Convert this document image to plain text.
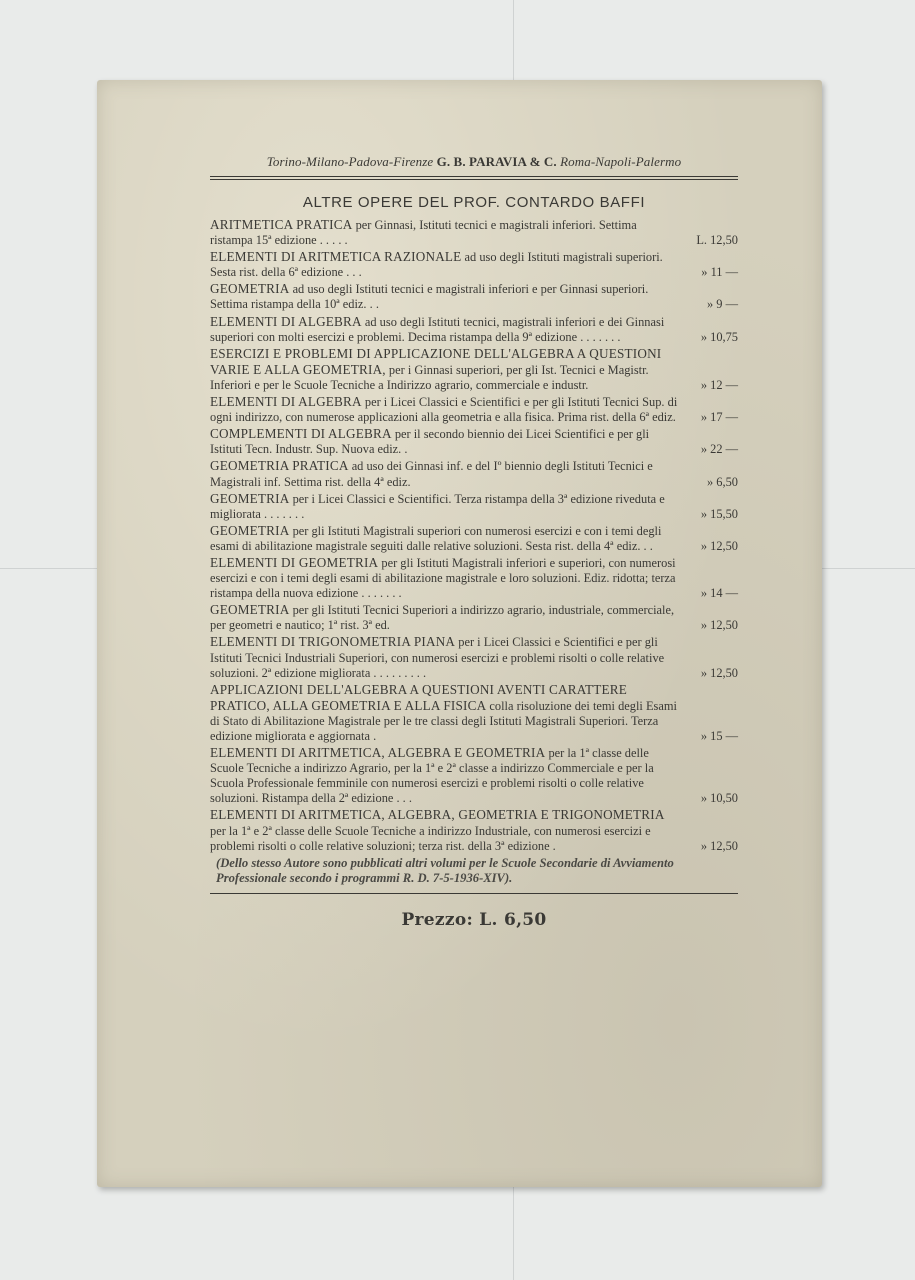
Torino-Milano-Padova-Firenze G. B. PARAVIA & C. Roma-Napoli-Palermo
ALTRE OPERE DEL PROF. CONTARDO BAFFI
ARITMETICA PRATICA per Ginnasi, Istituti tecnici e magistrali inferiori. Settima ristampa 15ª edizione . . . . .	L. 12,50
ELEMENTI DI ARITMETICA RAZIONALE ad uso degli Istituti magistrali superiori. Sesta rist. della 6ª edizione . . .	» 11 —
GEOMETRIA ad uso degli Istituti tecnici e magistrali inferiori e per Ginnasi superiori. Settima ristampa della 10ª ediz. . .	» 9 —
ELEMENTI DI ALGEBRA ad uso degli Istituti tecnici, magistrali inferiori e dei Ginnasi superiori con molti esercizi e problemi. Decima ristampa della 9ª edizione . . . . . . .	» 10,75
ESERCIZI E PROBLEMI DI APPLICAZIONE DELL'ALGEBRA A QUESTIONI VARIE E ALLA GEOMETRIA, per i Ginnasi superiori, per gli Ist. Tecnici e Magistr. Inferiori e per le Scuole Tecniche a Indirizzo agrario, commerciale e industr.	» 12 —
ELEMENTI DI ALGEBRA per i Licei Classici e Scientifici e per gli Istituti Tecnici Sup. di ogni indirizzo, con numerose applicazioni alla geometria e alla fisica. Prima rist. della 6ª ediz.	» 17 —
COMPLEMENTI DI ALGEBRA per il secondo biennio dei Licei Scientifici e per gli Istituti Tecn. Industr. Sup. Nuova ediz. .	» 22 —
GEOMETRIA PRATICA ad uso dei Ginnasi inf. e del Iº biennio degli Istituti Tecnici e Magistrali inf. Settima rist. della 4ª ediz.	» 6,50
GEOMETRIA per i Licei Classici e Scientifici. Terza ristampa della 3ª edizione riveduta e migliorata . . . . . . .	» 15,50
GEOMETRIA per gli Istituti Magistrali superiori con numerosi esercizi e con i temi degli esami di abilitazione magistrale seguiti dalle relative soluzioni. Sesta rist. della 4ª ediz. . .	» 12,50
ELEMENTI DI GEOMETRIA per gli Istituti Magistrali inferiori e superiori, con numerosi esercizi e con i temi degli esami di abilitazione magistrale e loro soluzioni. Ediz. ridotta; terza ristampa della nuova edizione . . . . . . .	» 14 —
GEOMETRIA per gli Istituti Tecnici Superiori a indirizzo agrario, industriale, commerciale, per geometri e nautico; 1ª rist. 3ª ed.	» 12,50
ELEMENTI DI TRIGONOMETRIA PIANA per i Licei Classici e Scientifici e per gli Istituti Tecnici Industriali Superiori, con numerosi esercizi e problemi risolti o colle relative soluzioni. 2ª edizione migliorata . . . . . . . . .	» 12,50
APPLICAZIONI DELL'ALGEBRA A QUESTIONI AVENTI CARATTERE PRATICO, ALLA GEOMETRIA E ALLA FISICA colla risoluzione dei temi degli Esami di Stato di Abilitazione Magistrale per le tre classi degli Istituti Magistrali Superiori. Terza edizione migliorata e aggiornata .	» 15 —
ELEMENTI DI ARITMETICA, ALGEBRA E GEOMETRIA per la 1ª classe delle Scuole Tecniche a indirizzo Agrario, per la 1ª e 2ª classe a indirizzo Commerciale e per la Scuola Professionale femminile con numerosi esercizi e problemi risolti o colle relative soluzioni. Ristampa della 2ª edizione . . .	» 10,50
ELEMENTI DI ARITMETICA, ALGEBRA, GEOMETRIA E TRIGONOMETRIA per la 1ª e 2ª classe delle Scuole Tecniche a indirizzo Industriale, con numerosi esercizi e problemi risolti o colle relative soluzioni; terza rist. della 3ª edizione .	» 12,50
(Dello stesso Autore sono pubblicati altri volumi per le Scuole Secondarie di Avviamento Professionale secondo i programmi R. D. 7-5-1936-XIV).
Prezzo: L. 6,50
